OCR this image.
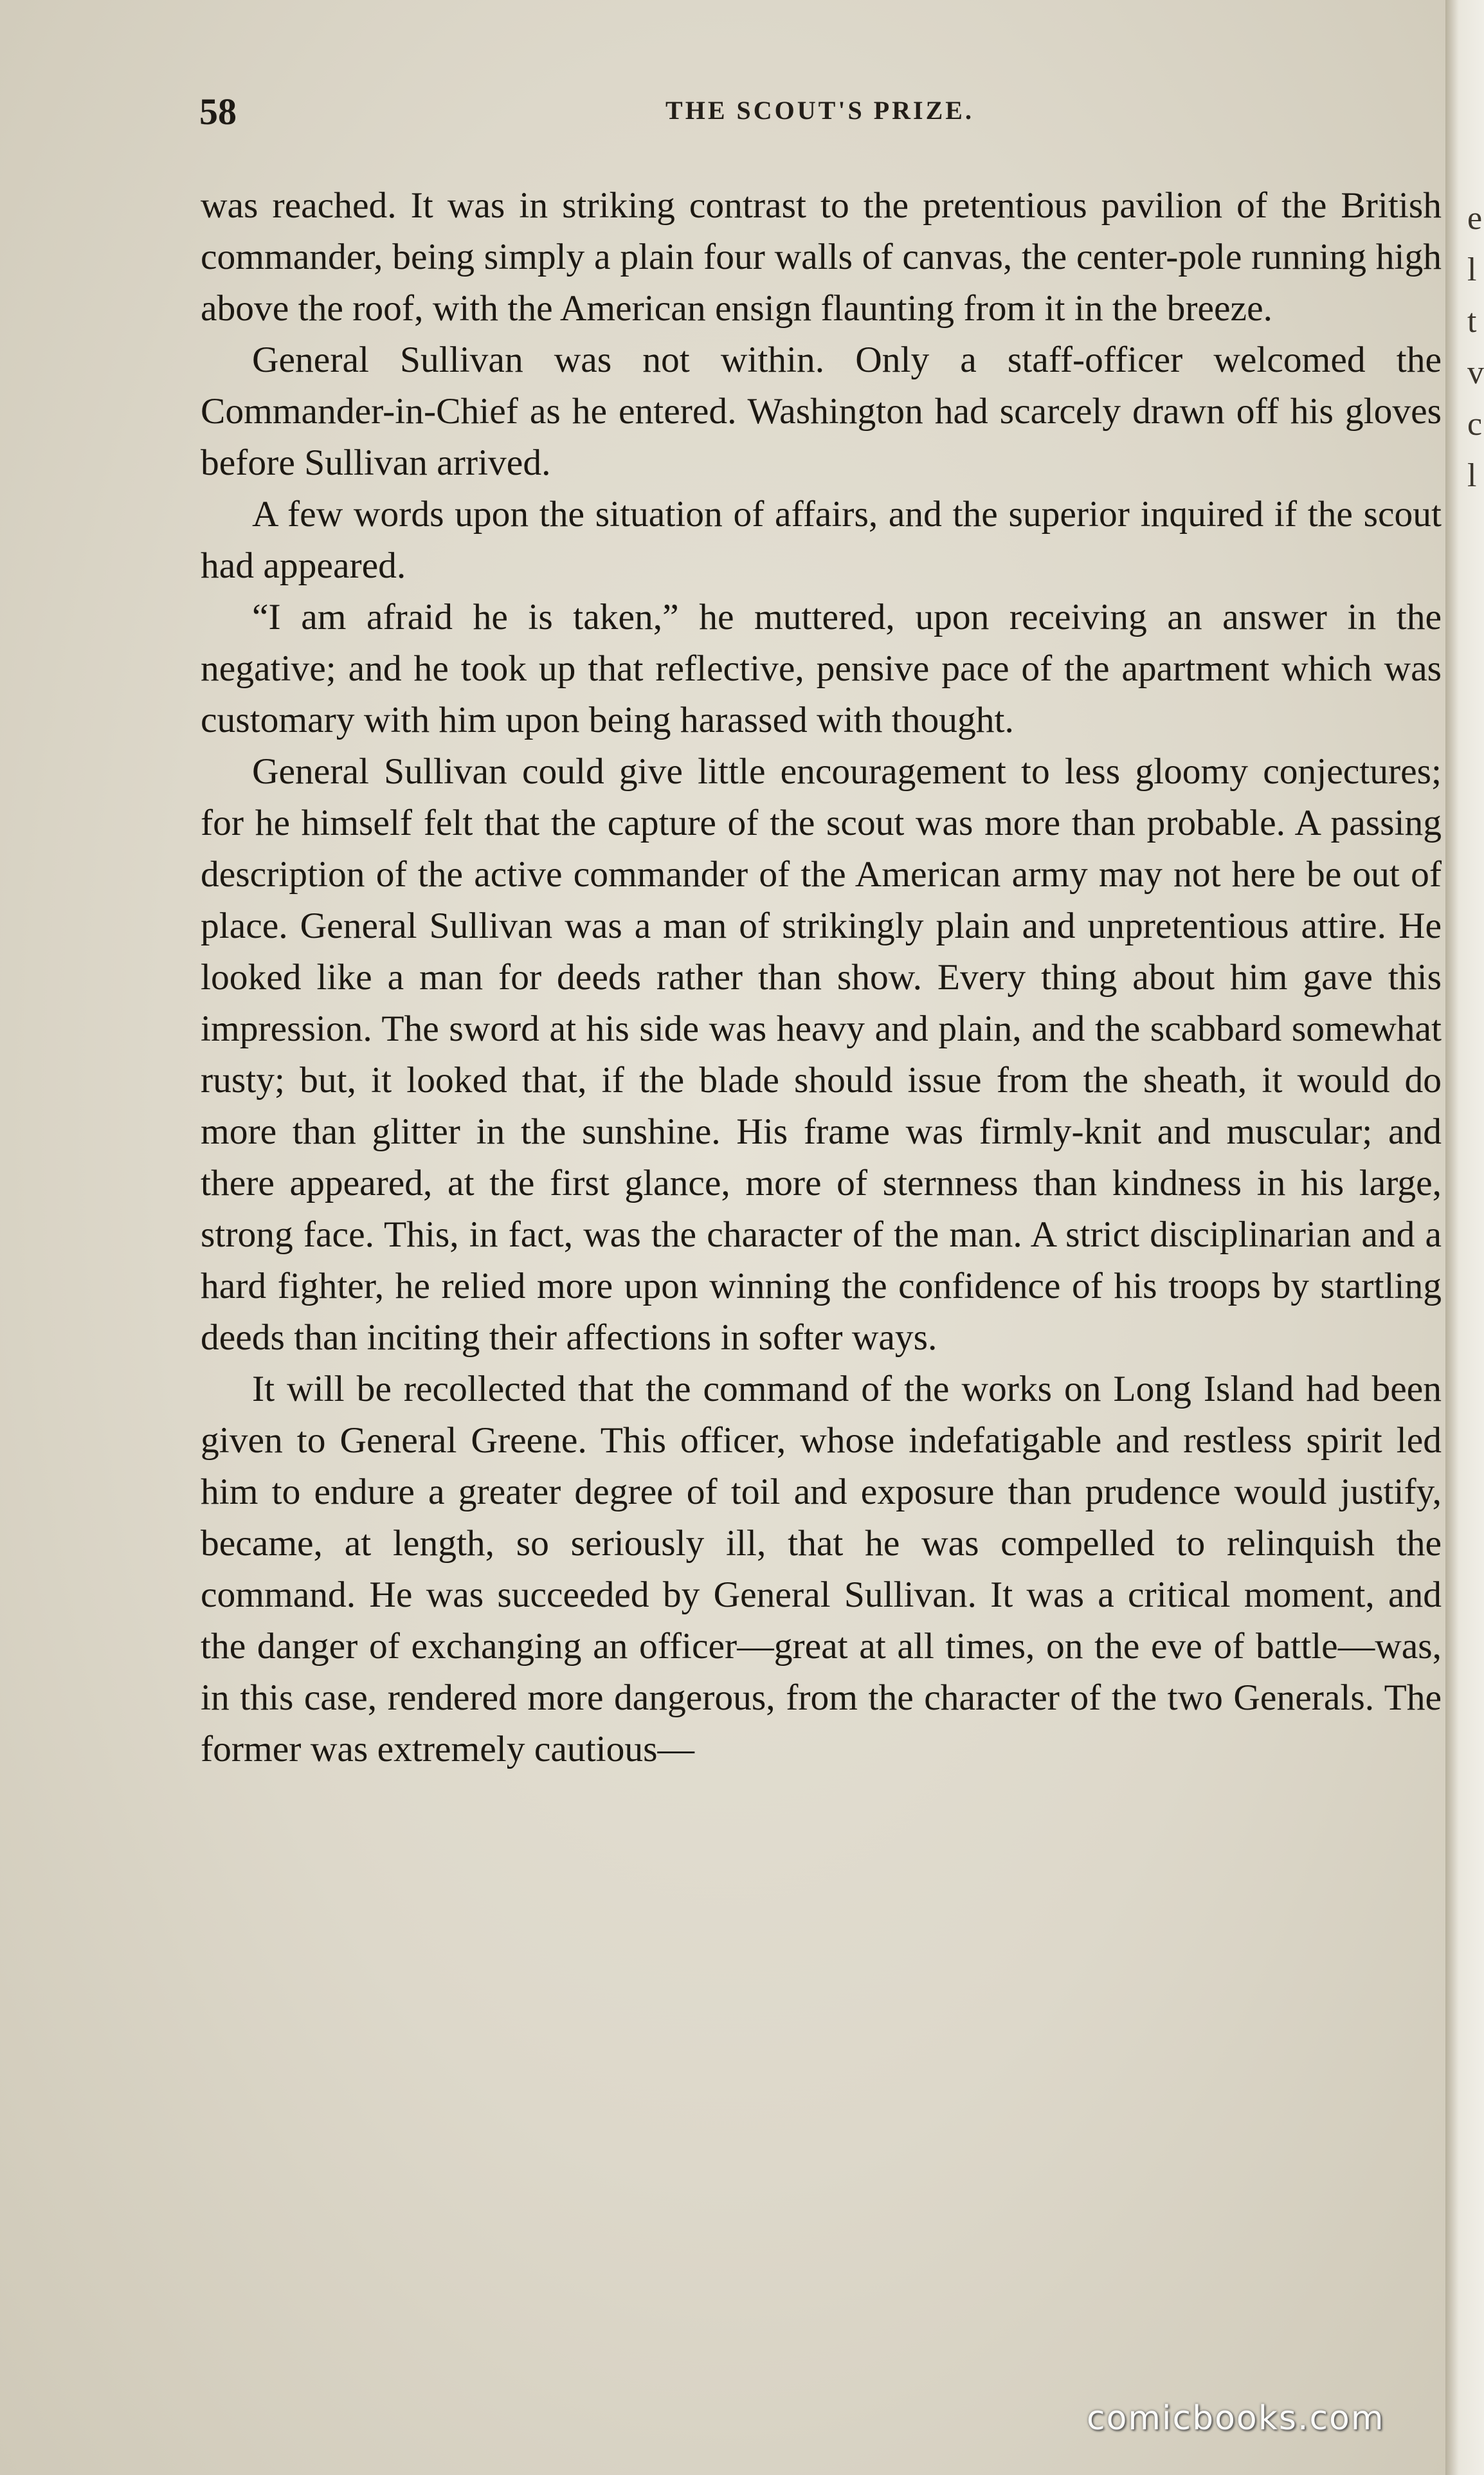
58	THE SCOUT'S PRIZE.

was reached. It was in striking contrast to the pretentious pavilion of the British commander, being simply a plain four walls of canvas, the center-pole running high above the roof, with the American ensign flaunting from it in the breeze.

General Sullivan was not within. Only a staff-officer welcomed the Commander-in-Chief as he entered. Washington had scarcely drawn off his gloves before Sullivan arrived.

A few words upon the situation of affairs, and the superior inquired if the scout had appeared.

“I am afraid he is taken,” he muttered, upon receiving an answer in the negative; and he took up that reflective, pensive pace of the apartment which was customary with him upon being harassed with thought.

General Sullivan could give little encouragement to less gloomy conjectures; for he himself felt that the capture of the scout was more than probable. A passing description of the active commander of the American army may not here be out of place. General Sullivan was a man of strikingly plain and unpretentious attire. He looked like a man for deeds rather than show. Every thing about him gave this impression. The sword at his side was heavy and plain, and the scabbard somewhat rusty; but, it looked that, if the blade should issue from the sheath, it would do more than glitter in the sunshine. His frame was firmly-knit and muscular; and there appeared, at the first glance, more of sternness than kindness in his large, strong face. This, in fact, was the character of the man. A strict disciplinarian and a hard fighter, he relied more upon winning the confidence of his troops by startling deeds than inciting their affections in softer ways.

It will be recollected that the command of the works on Long Island had been given to General Greene. This officer, whose indefatigable and restless spirit led him to endure a greater degree of toil and exposure than prudence would justify, became, at length, so seriously ill, that he was compelled to relinquish the command. He was succeeded by General Sullivan. It was a critical moment, and the danger of exchanging an officer—great at all times, on the eve of battle—was, in this case, rendered more dangerous, from the character of the two Generals. The former was extremely cautious—

e
l
t
v
c
l
comicbooks.com
